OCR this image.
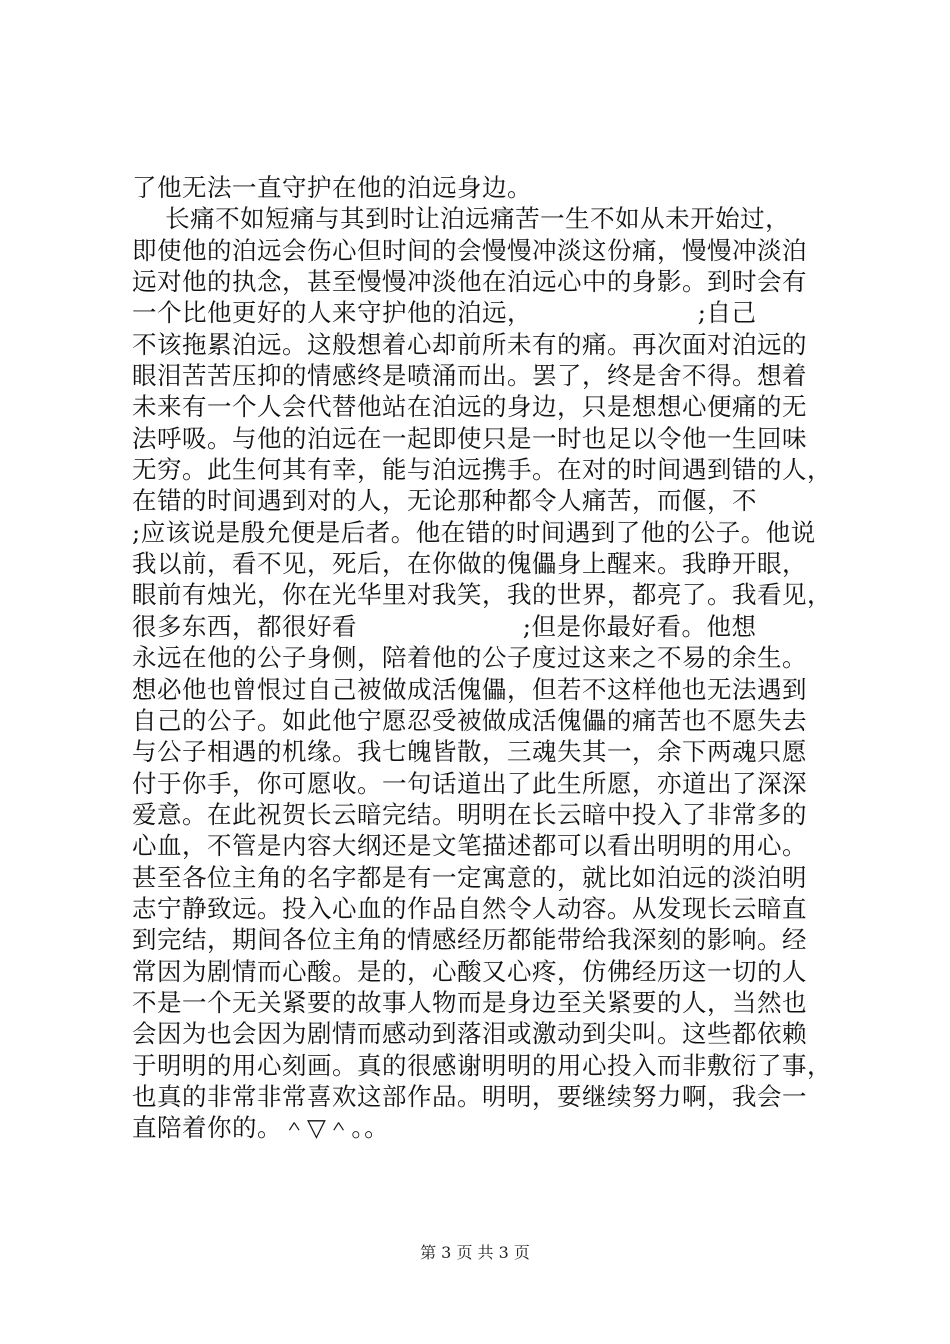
了他无法一直守护在他的泊远身边。
长痛不如短痛与其到时让泊远痛苦一生不如从未开始过，
即使他的泊远会伤心但时间的会慢慢冲淡这份痛，慢慢冲淡泊
远对他的执念，甚至慢慢冲淡他在泊远心中的身影。到时会有
一个比他更好的人来守护他的泊远，                    ;自己
不该拖累泊远。这般想着心却前所未有的痛。再次面对泊远的
眼泪苦苦压抑的情感终是喷涌而出。罢了，终是舍不得。想着
未来有一个人会代替他站在泊远的身边，只是想想心便痛的无
法呼吸。与他的泊远在一起即使只是一时也足以令他一生回味
无穷。此生何其有幸，能与泊远携手。在对的时间遇到错的人，
在错的时间遇到对的人，无论那种都令人痛苦，而偃，不
;应该说是殷允便是后者。他在错的时间遇到了他的公子。他说
我以前，看不见，死后，在你做的傀儡身上醒来。我睁开眼，
眼前有烛光，你在光华里对我笑，我的世界，都亮了。我看见，
很多东西，都很好看                    ;但是你最好看。他想
永远在他的公子身侧，陪着他的公子度过这来之不易的余生。
想必他也曾恨过自己被做成活傀儡，但若不这样他也无法遇到
自己的公子。如此他宁愿忍受被做成活傀儡的痛苦也不愿失去
与公子相遇的机缘。我七魄皆散，三魂失其一，余下两魂只愿
付于你手，你可愿收。一句话道出了此生所愿，亦道出了深深
爱意。在此祝贺长云暗完结。明明在长云暗中投入了非常多的
心血，不管是内容大纲还是文笔描述都可以看出明明的用心。
甚至各位主角的名字都是有一定寓意的，就比如泊远的淡泊明
志宁静致远。投入心血的作品自然令人动容。从发现长云暗直
到完结，期间各位主角的情感经历都能带给我深刻的影响。经
常因为剧情而心酸。是的，心酸又心疼，仿佛经历这一切的人
不是一个无关紧要的故事人物而是身边至关紧要的人，当然也
会因为也会因为剧情而感动到落泪或激动到尖叫。这些都依赖
于明明的用心刻画。真的很感谢明明的用心投入而非敷衍了事，
也真的非常非常喜欢这部作品。明明，要继续努力啊，我会一
直陪着你的。＾▽＾。。
第 3 页 共 3 页
